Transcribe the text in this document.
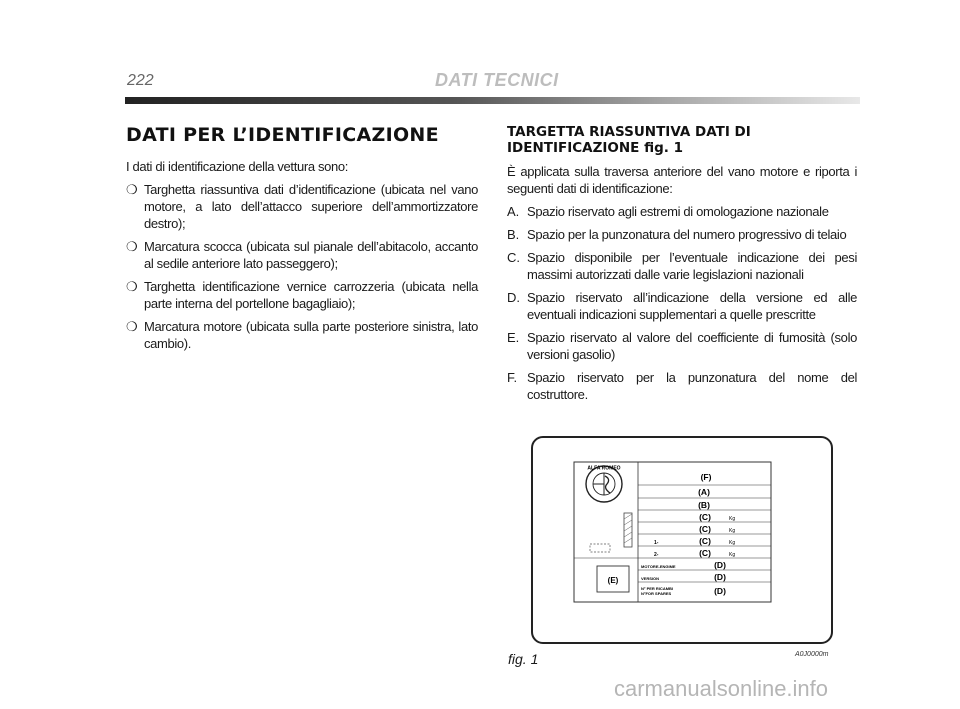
222	DATI TECNICI
DATI PER L’IDENTIFICAZIONE
I dati di identificazione della vettura sono:
❍ Targhetta riassuntiva dati d’identificazione (ubicata nel vano motore, a lato dell’attacco superiore dell’ammortizzatore destro);
❍ Marcatura scocca (ubicata sul pianale dell’abitacolo, accanto al sedile anteriore lato passeggero);
❍ Targhetta identificazione vernice carrozzeria (ubicata nella parte interna del portellone bagagliaio);
❍ Marcatura motore (ubicata sulla parte posteriore sinistra, lato cambio).
TARGETTA RIASSUNTIVA DATI DI
IDENTIFICAZIONE fig. 1
È applicata sulla traversa anteriore del vano motore e riporta i seguenti dati di identificazione:
A. Spazio riservato agli estremi di omologazione nazionale
B. Spazio per la punzonatura del numero progressivo di telaio
C. Spazio disponibile per l’eventuale indicazione dei pesi massimi autorizzati dalle varie legislazioni nazionali
D. Spazio riservato all’indicazione della versione ed alle eventuali indicazioni supplementari a quelle prescritte
E. Spazio riservato al valore del coefficiente di fumosità (solo versioni gasolio)
F. Spazio riservato per la punzonatura del nome del costruttore.
ALFA ROMEO
(E)
(F)
(A)
(B)
(C)
(C)
(C)
(C)
(D)
(D)
(D)
Kg
Kg
Kg
Kg
1-
2-
MOTORE-ENGIME
VERSION
N° PER RICAMBI
N°FOR SPARES
fig. 1	A0J0000m
carmanualsonline.info
